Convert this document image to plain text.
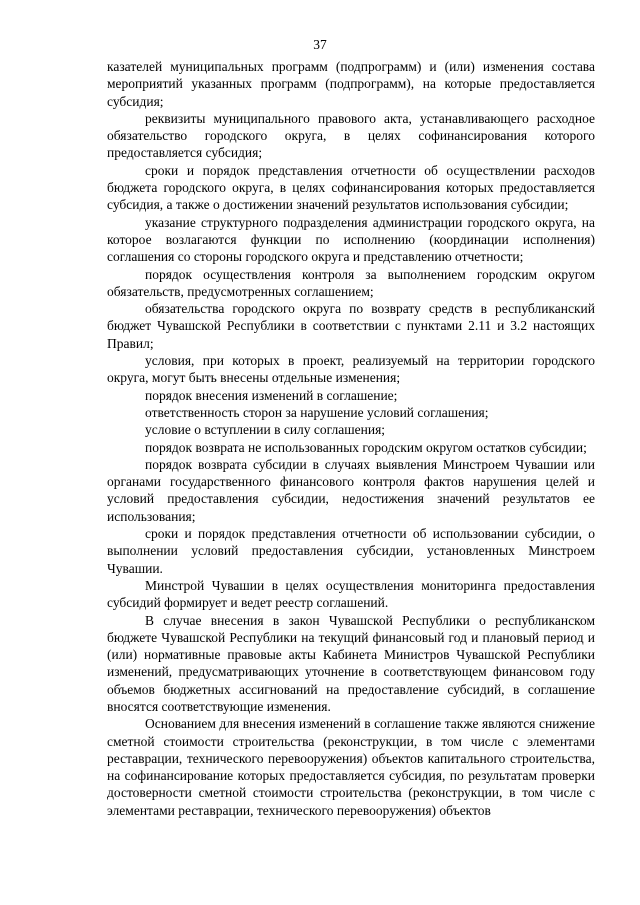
37

казателей муниципальных программ (подпрограмм) и (или) изменения состава мероприятий указанных программ (подпрограмм), на которые предоставляется субсидия;

реквизиты муниципального правового акта, устанавливающего расходное обязательство городского округа, в целях софинансирования которого предоставляется субсидия;

сроки и порядок представления отчетности об осуществлении расходов бюджета городского округа, в целях софинансирования которых предоставляется субсидия, а также о достижении значений результатов использования субсидии;

указание структурного подразделения администрации городского округа, на которое возлагаются функции по исполнению (координации исполнения) соглашения со стороны городского округа и представлению отчетности;

порядок осуществления контроля за выполнением городским округом обязательств, предусмотренных соглашением;

обязательства городского округа по возврату средств в республиканский бюджет Чувашской Республики в соответствии с пунктами 2.11 и 3.2 настоящих Правил;

условия, при которых в проект, реализуемый на территории городского округа, могут быть внесены отдельные изменения;

порядок внесения изменений в соглашение;

ответственность сторон за нарушение условий соглашения;

условие о вступлении в силу соглашения;

порядок возврата не использованных городским округом остатков субсидии;

порядок возврата субсидии в случаях выявления Минстроем Чувашии или органами государственного финансового контроля фактов нарушения целей и условий предоставления субсидии, недостижения значений результатов ее использования;

сроки и порядок представления отчетности об использовании субсидии, о выполнении условий предоставления субсидии, установленных Минстроем Чувашии.

Минстрой Чувашии в целях осуществления мониторинга предоставления субсидий формирует и ведет реестр соглашений.

В случае внесения в закон Чувашской Республики о республиканском бюджете Чувашской Республики на текущий финансовый год и плановый период и (или) нормативные правовые акты Кабинета Министров Чувашской Республики изменений, предусматривающих уточнение в соответствующем финансовом году объемов бюджетных ассигнований на предоставление субсидий, в соглашение вносятся соответствующие изменения.

Основанием для внесения изменений в соглашение также являются снижение сметной стоимости строительства (реконструкции, в том числе с элементами реставрации, технического перевооружения) объектов капитального строительства, на софинансирование которых предоставляется субсидия, по результатам проверки достоверности сметной стоимости строительства (реконструкции, в том числе с элементами реставрации, технического перевооружения) объектов
